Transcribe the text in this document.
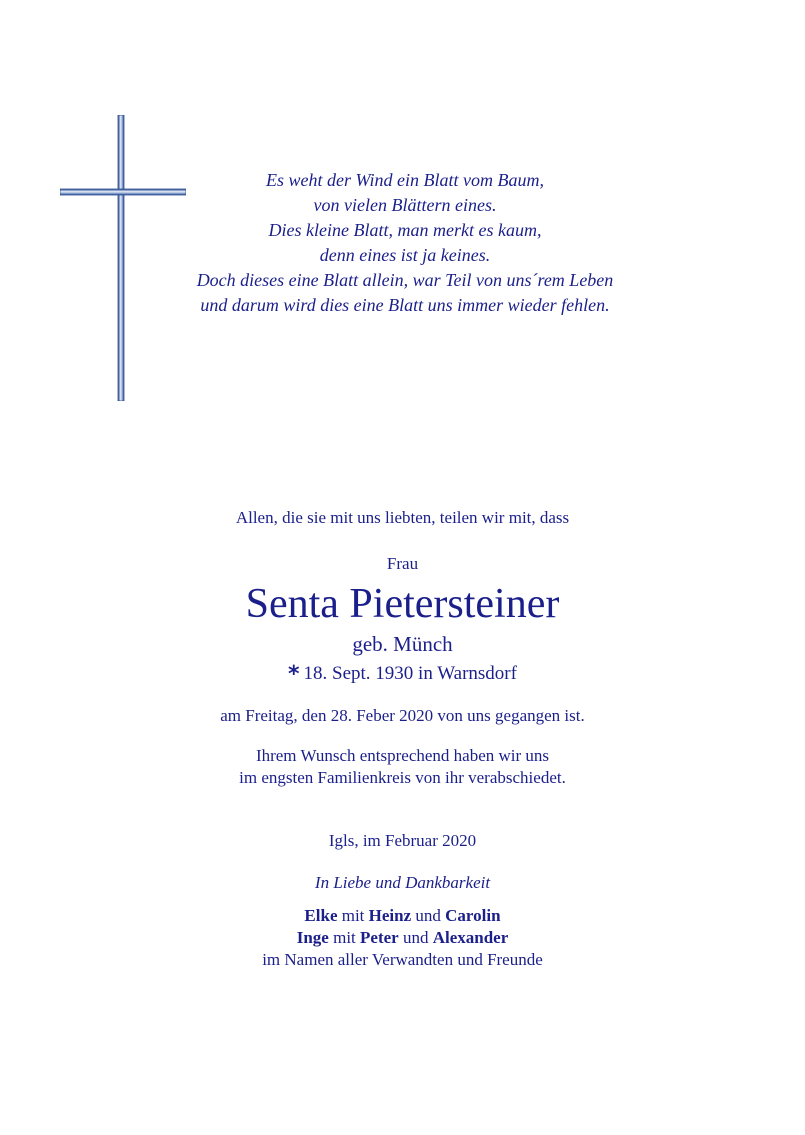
Es weht der Wind ein Blatt vom Baum,
von vielen Blättern eines.
Dies kleine Blatt, man merkt es kaum,
denn eines ist ja keines.
Doch dieses eine Blatt allein, war Teil von uns´rem Leben
und darum wird dies eine Blatt uns immer wieder fehlen.
Allen, die sie mit uns liebten, teilen wir mit, dass
Frau
Senta Pietersteiner
geb. Münch
* 18. Sept. 1930 in Warnsdorf
am Freitag, den 28. Feber 2020 von uns gegangen ist.
Ihrem Wunsch entsprechend haben wir uns
im engsten Familienkreis von ihr verabschiedet.
Igls, im Februar 2020
In Liebe und Dankbarkeit
Elke mit Heinz und Carolin
Inge mit Peter und Alexander
im Namen aller Verwandten und Freunde
